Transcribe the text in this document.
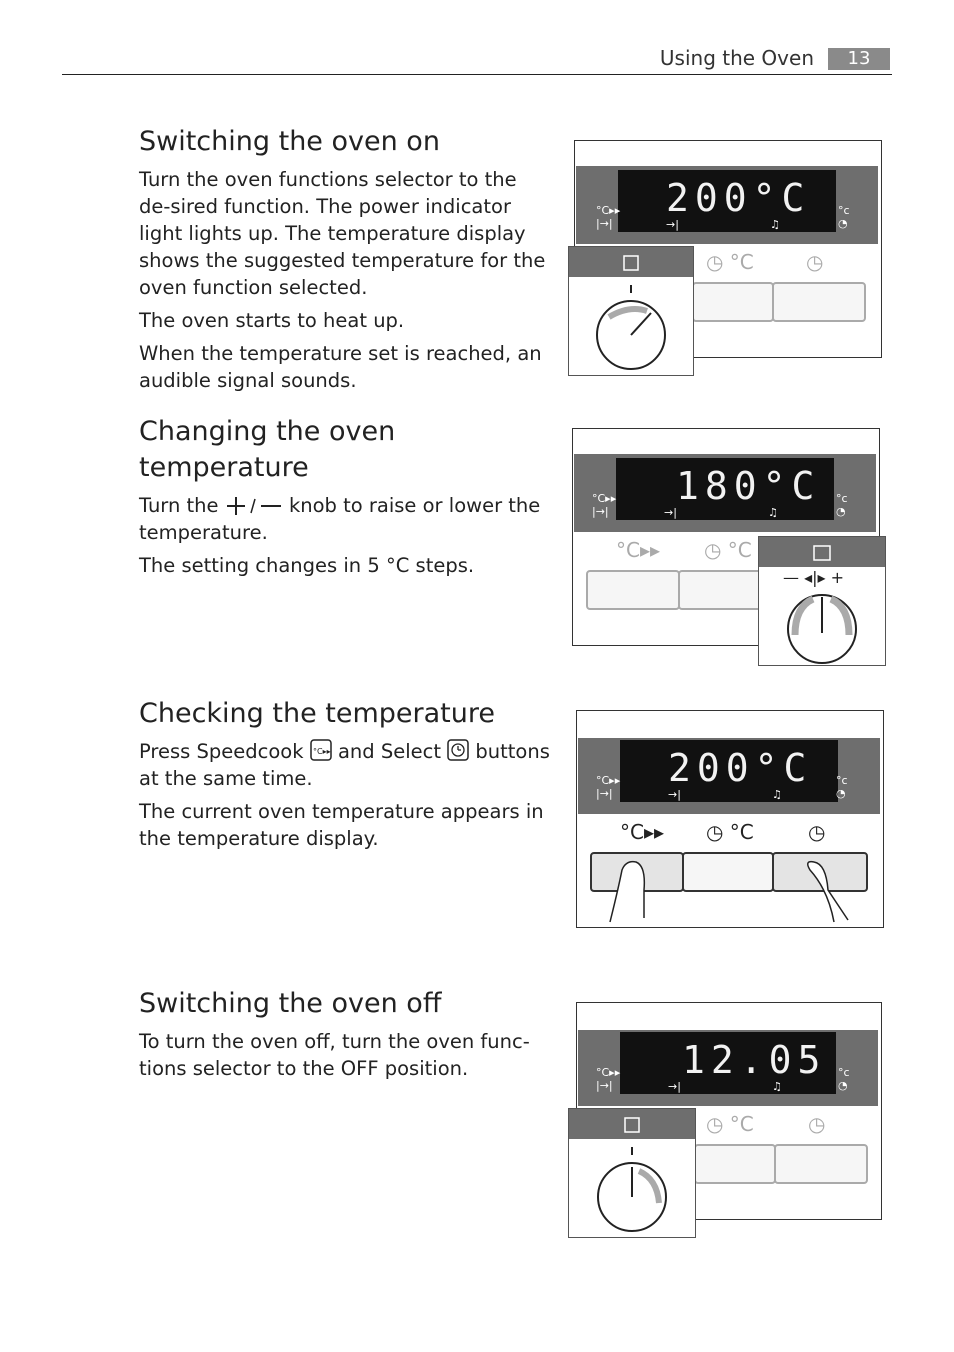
Using the Oven	13
Switching the oven on

Turn the oven functions selector to the de-sired function. The power indicator light lights up. The temperature display shows the suggested temperature for the oven function selected.

The oven starts to heat up.

When the temperature set is reached, an audible signal sounds.

Changing the oven temperature

Turn the	knob to raise or lower the temperature.

The setting changes in 5 °C steps.

Checking the temperature

Press Speedcook °C▸▸ and Select buttons at the same time.

The current oven temperature appears in the temperature display.

Switching the oven off

To turn the oven off, turn the oven func-tions selector to the OFF position.

200°C
°C▸▸
|→|	→|	♫
°c
◔
◷ °C	◷
180°C
°C▸▸
|→|	→|	♫
°c
◔
°C▸▸ ◷ °C
— ◂|▸ +
200°C
°C▸▸
|→|	→|	♫
°c
◔
°C▸▸ ◷ °C	◷
12.05
°C▸▸
|→|	→|	♫
°c
◔
◷ °C	◷
